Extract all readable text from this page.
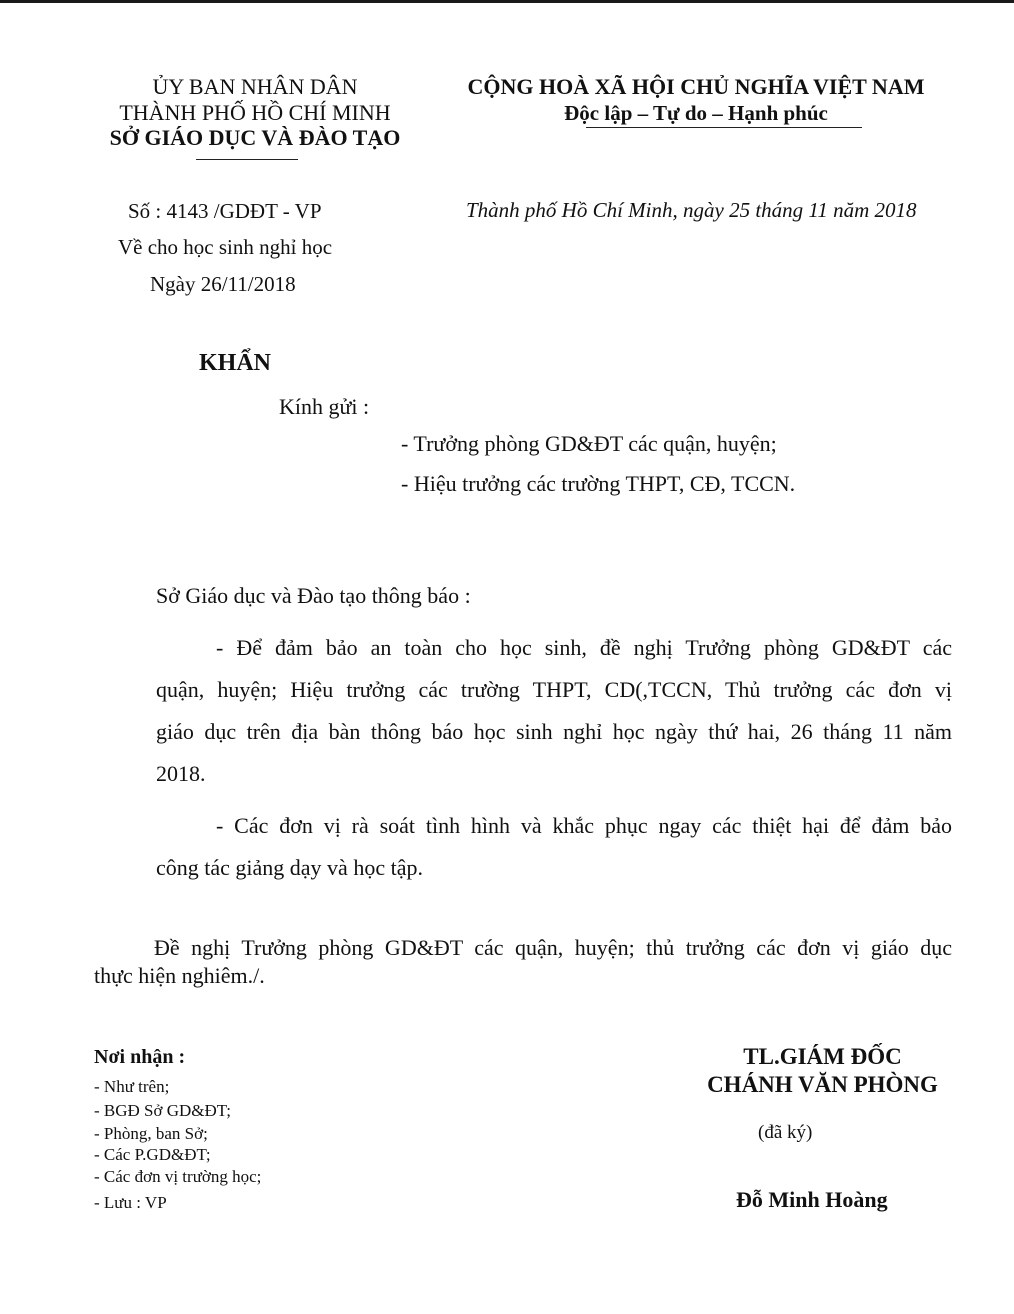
ỦY BAN NHÂN DÂN
THÀNH PHỐ HỒ CHÍ MINH
SỞ GIÁO DỤC VÀ ĐÀO TẠO
CỘNG HOÀ XÃ HỘI CHỦ NGHĨA VIỆT NAM
Độc lập – Tự do – Hạnh phúc
Số : 4143 /GDĐT - VP
Về cho học sinh nghỉ học
Ngày 26/11/2018
Thành phố Hồ Chí Minh, ngày 25 tháng 11 năm 2018
KHẨN
Kính gửi :
- Trưởng phòng GD&ĐT các quận, huyện;
- Hiệu trưởng các trường THPT, CĐ, TCCN.
Sở Giáo dục và Đào tạo thông báo :
- Để đảm bảo an toàn cho học sinh, đề nghị Trưởng phòng GD&ĐT các
quận, huyện; Hiệu trưởng các trường THPT, CD(,TCCN, Thủ trưởng các đơn vị
giáo dục trên địa bàn thông báo học sinh nghỉ học ngày thứ hai, 26 tháng 11 năm
2018.
- Các đơn vị rà soát tình hình và khắc phục ngay các thiệt hại để đảm bảo
công tác giảng dạy và học tập.
Đề nghị Trưởng phòng GD&ĐT các quận, huyện; thủ trưởng các đơn vị giáo dục
thực hiện nghiêm./.
Nơi nhận :
- Như trên;
- BGĐ Sở GD&ĐT;
- Phòng, ban Sở;
- Các P.GD&ĐT;
- Các đơn vị trường học;
- Lưu : VP
TL.GIÁM ĐỐC
CHÁNH VĂN PHÒNG
(đã ký)
Đỗ Minh Hoàng
